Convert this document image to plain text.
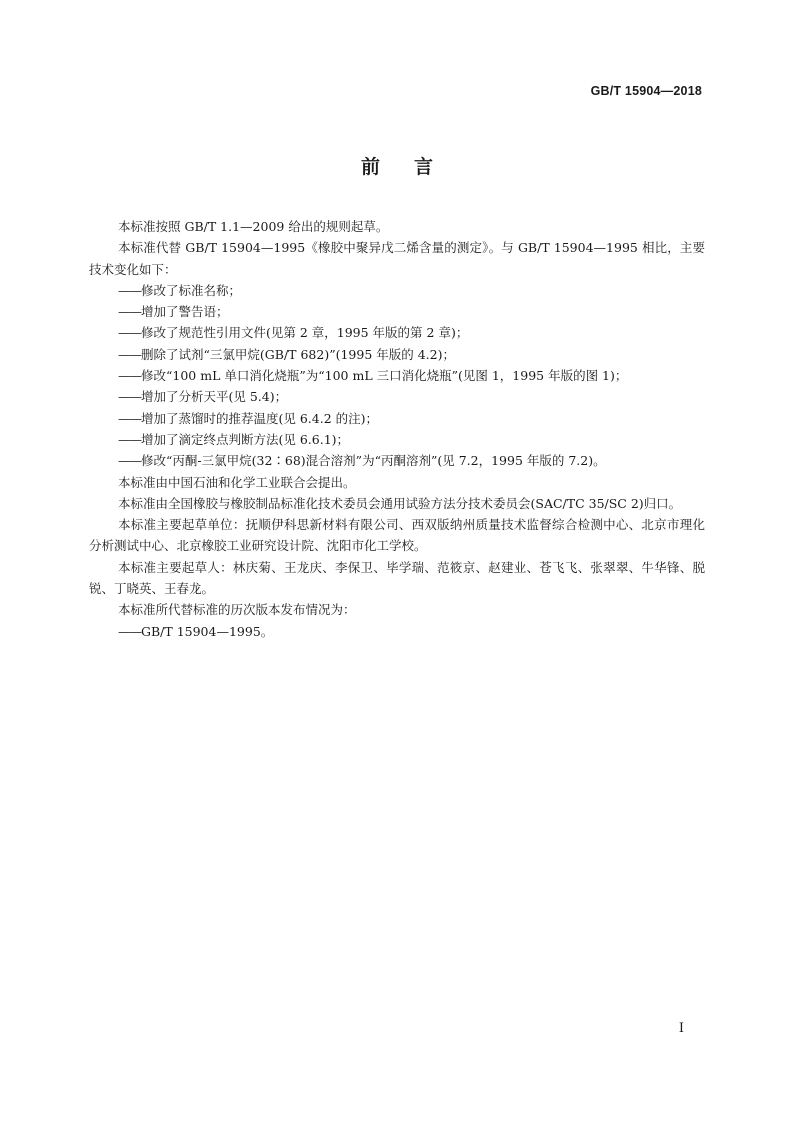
GB/T 15904—2018
前言

本标准按照 GB/T 1.1—2009 给出的规则起草。

本标准代替 GB/T 15904—1995《橡胶中聚异戊二烯含量的测定》。与 GB/T 15904—1995 相比，主要技术变化如下：

——修改了标准名称；

——增加了警告语；

——修改了规范性引用文件(见第 2 章，1995 年版的第 2 章)；

——删除了试剂“三氯甲烷(GB/T 682)”(1995 年版的 4.2)；

——修改“100 mL 单口消化烧瓶”为“100 mL 三口消化烧瓶”(见图 1，1995 年版的图 1)；

——增加了分析天平(见 5.4)；

——增加了蒸馏时的推荐温度(见 6.4.2 的注)；

——增加了滴定终点判断方法(见 6.6.1)；

——修改“丙酮-三氯甲烷(32∶68)混合溶剂”为“丙酮溶剂”(见 7.2，1995 年版的 7.2)。

本标准由中国石油和化学工业联合会提出。

本标准由全国橡胶与橡胶制品标准化技术委员会通用试验方法分技术委员会(SAC/TC 35/SC 2)归口。

本标准主要起草单位：抚顺伊科思新材料有限公司、西双版纳州质量技术监督综合检测中心、北京市理化分析测试中心、北京橡胶工业研究设计院、沈阳市化工学校。

本标准主要起草人：林庆菊、王龙庆、李保卫、毕学瑞、范筱京、赵建业、苍飞飞、张翠翠、牛华锋、脱锐、丁晓英、王春龙。

本标准所代替标准的历次版本发布情况为：

——GB/T 15904—1995。

I
